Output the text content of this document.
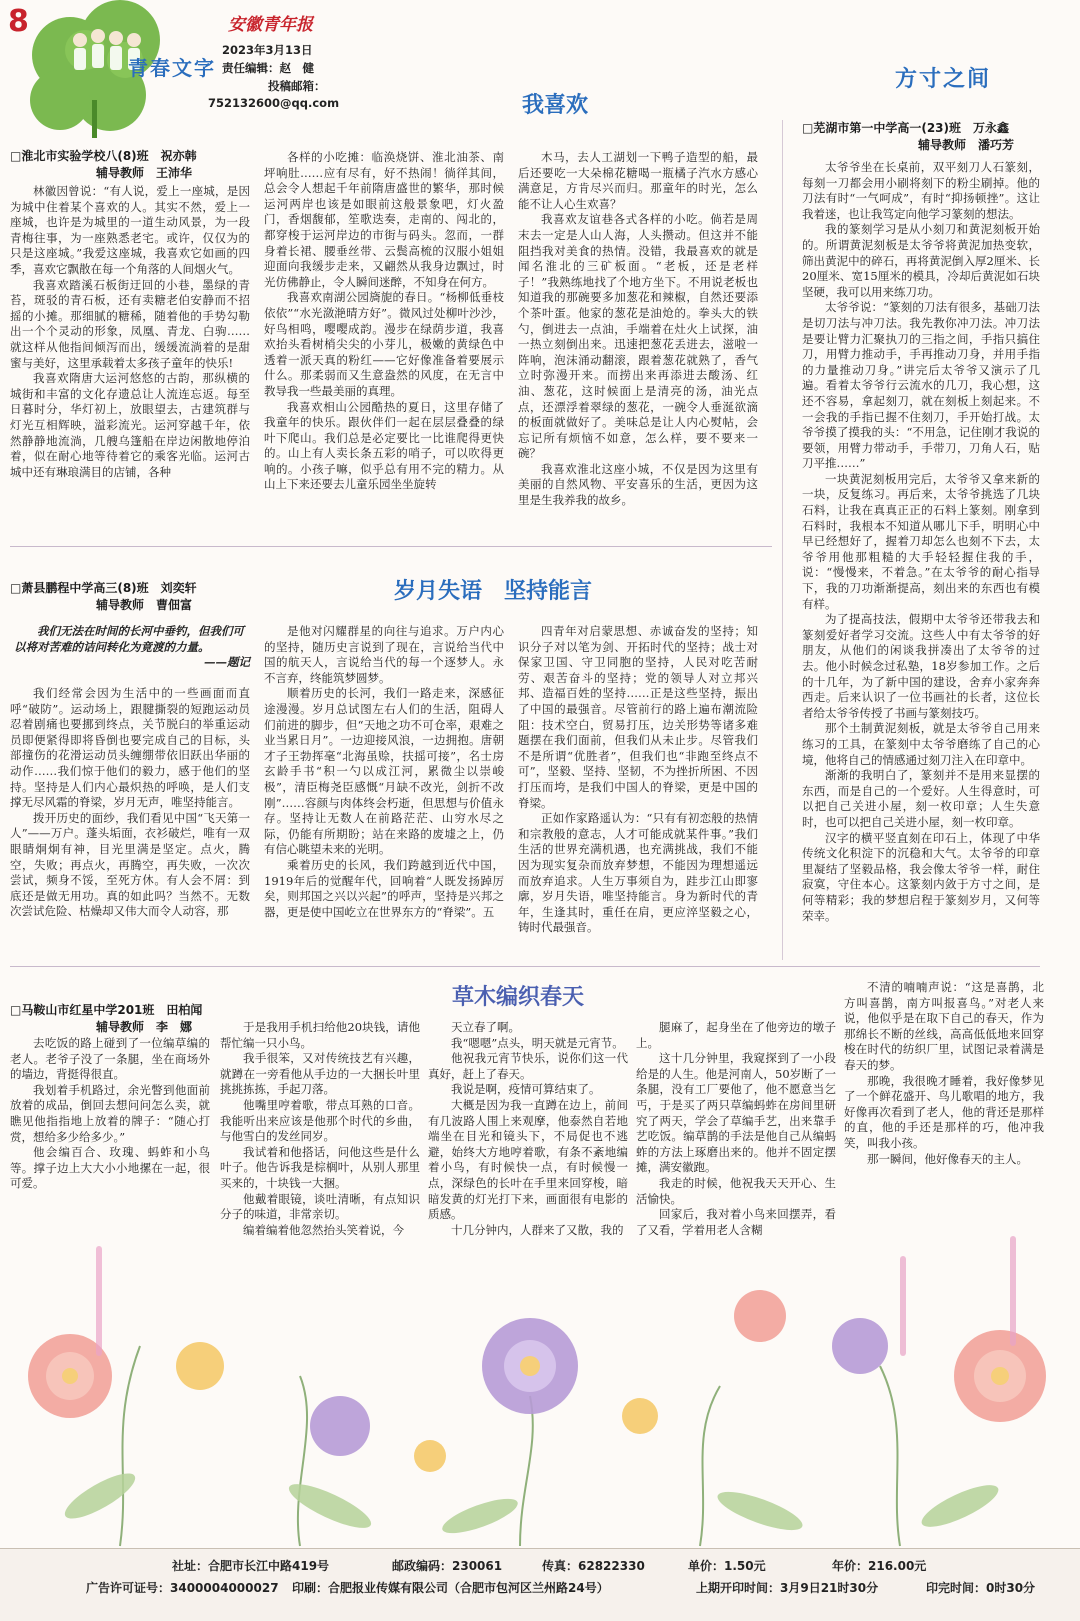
8
青春文字
安徽青年报
2023年3月13日
责任编辑：赵　健
投稿邮箱：
752132600@qq.com
方寸之间
我喜欢
□淮北市实验学校八(8)班　祝亦韩
辅导教师　王沛华

林徽因曾说：“有人说，爱上一座城，是因为城中住着某个喜欢的人。其实不然，爱上一座城，也许是为城里的一道生动风景，为一段青梅往事，为一座熟悉老宅。或许，仅仅为的只是这座城。”我爱这座城，我喜欢它如画的四季，喜欢它飘散在每一个角落的人间烟火气。

我喜欢踏溪石板街迂回的小巷，墨绿的青苔，斑驳的青石板，还有卖糖老伯安静而不招摇的小摊。那细腻的糖稀，随着他的手势勾勒出一个个灵动的形象，凤凰、青龙、白驹……就这样从他指间倾泻而出，缓缓流淌着的是甜蜜与美好，这里承载着太多孩子童年的快乐!

我喜欢隋唐大运河悠悠的古韵，那纵横的城街和丰富的文化存遗总让人流连忘返。每至日暮时分，华灯初上，放眼望去，古建筑群与灯光互相辉映，溢彩流光。运河穿越千年，依然静静地流淌，几艘乌篷船在岸边闲散地停泊着，似在耐心地等待着它的乘客光临。运河古城中还有琳琅满目的店铺，各种

各样的小吃摊：临涣烧饼、淮北油茶、南坪响肚……应有尽有，好不热闹！徜徉其间，总会令人想起千年前隋唐盛世的繁华，那时候运河两岸也该是如眼前这般景象吧，灯火盈门，香烟馥郁，笙歌迭奏，走南的、闯北的，都穿梭于运河岸边的市街与码头。忽而，一群身着长裙、腰垂丝带、云鬓高梳的汉服小姐姐迎面向我缓步走来，又翩然从我身边飘过，时光仿佛静止，令人瞬间迷醉，不知身在何方。

我喜欢南湖公园旖旎的春日。“杨柳低垂枝依依”“水光潋滟晴方好”。微风过处柳叶沙沙，好鸟相鸣，嘤嘤成韵。漫步在绿荫步道，我喜欢抬头看树梢尖尖的小芽儿，极嫩的黄绿色中透着一派天真的粉红——它好像准备着要展示什么。那柔弱而又生意盎然的风度，在无言中教导我一些最美丽的真理。

我喜欢相山公园酷热的夏日，这里存储了我童年的快乐。跟伙伴们一起在层层叠叠的绿叶下爬山。我们总是必定要比一比谁爬得更快的。山上有人卖长条五彩的哨子，可以吹得更响的。小孩子嘛，似乎总有用不完的精力。从山上下来还要去儿童乐园坐坐旋转

木马，去人工湖划一下鸭子造型的船，最后还要吃一大朵棉花糖喝一瓶橘子汽水方感心满意足，方肯尽兴而归。那童年的时光，怎么能不让人心生欢喜？

我喜欢友谊巷各式各样的小吃。倘若是周末去一定是人山人海，人头攒动。但这并不能阻挡我对美食的热情。没错，我最喜欢的就是闻名淮北的三矿板面。“老板，还是老样子！”我熟练地找了个地方坐下。不用说老板也知道我的那碗要多加葱花和辣椒，自然还要添个茶叶蛋。他家的葱花是油炝的。拳头大的铁勺，倒进去一点油，手端着在灶火上试探，油一热立刻倒出来。迅速把葱花丢进去，滋啦一阵响，泡沫涌动翻滚，跟着葱花就熟了，香气立时弥漫开来。而捞出来再添进去酸汤、红油、葱花，这时候面上是清亮的汤，油光点点，还漂浮着翠绿的葱花，一碗令人垂涎欲滴的板面就做好了。美味总是让人内心熨帖，会忘记所有烦恼不如意，怎么样，要不要来一碗？

我喜欢淮北这座小城，不仅是因为这里有美丽的自然风物、平安喜乐的生活，更因为这里是生我养我的故乡。

□芜湖市第一中学高一(23)班　万永鑫
辅导教师　潘巧芳

太爷爷坐在长桌前，双平刻刀人石篆刻，每刻一刀都会用小刷将刻下的粉尘刷掉。他的刀法有时“一气呵成”，有时“抑扬顿挫”。这让我着迷，也让我笃定向他学习篆刻的想法。

我的篆刻学习是从小刻刀和黄泥刻板开始的。所谓黄泥刻板是太爷爷将黄泥加热变软，筛出黄泥中的碎石，再将黄泥倒入厚2厘米、长20厘米、宽15厘米的模具，冷却后黄泥如石块坚硬，我可以用来练刀功。

太爷爷说：“篆刻的刀法有很多，基础刀法是切刀法与冲刀法。我先教你冲刀法。冲刀法是要让臂力汇聚执刀的三指之间，手指只搞住刀，用臂力推动手，手再推动刀身，并用手指的力量推动刀身。”讲完后太爷爷又演示了几遍。看着太爷爷行云流水的几刀，我心想，这还不容易，拿起刻刀，就在刻板上刻起来。不一会我的手指已握不住刻刀，手开始打战。太爷爷摸了摸我的头：“不用急，记住刚才我说的要领，用臂力带动手，手带刀，刀角人石，贴刀平推……”

一块黄泥刻板用完后，太爷爷又拿来新的一块，反复练习。再后来，太爷爷挑选了几块石料，让我在真真正正的石料上篆刻。刚拿到石料时，我根本不知道从哪儿下手，明明心中早已经想好了，握着刀却怎么也刻不下去，太爷爷用他那粗糙的大手轻轻握住我的手，说：“慢慢来，不着急。”在太爷爷的耐心指导下，我的刀功渐渐提高，刻出来的东西也有模有样。

为了提高技法，假期中太爷爷还带我去和篆刻爱好者学习交流。这些人中有太爷爷的好朋友，从他们的闲谈我拼凑出了太爷爷的过去。他小时候念过私塾，18岁参加工作。之后的十几年，为了新中国的建设，舍弃小家奔奔西走。后来认识了一位书画社的长者，这位长者给太爷爷传授了书画与篆刻技巧。

那个土制黄泥刻板，就是太爷爷自己用来练习的工具，在篆刻中太爷爷磨练了自己的心境，他将自己的情感通过刻刀注入在印章中。

渐渐的我明白了，篆刻并不是用来显摆的东西，而是自己的一个爱好。人生得意时，可以把自己关进小屋，刻一枚印章；人生失意时，也可以把自己关进小屋，刻一枚印章。

汉字的横平竖直刻在印石上，体现了中华传统文化积淀下的沉稳和大气。太爷爷的印章里凝结了坚毅品格，我会像太爷爷一样，耐住寂寞，守住本心。这篆刻内敛于方寸之间，是何等精彩；我的梦想启程于篆刻岁月，又何等荣幸。

岁月失语　坚持能言
□萧县鹏程中学高三(8)班　刘奕轩
辅导教师　曹佃富
我们无法在时间的长河中垂钓，但我们可以将对苦难的诘问转化为竟渡的力量。
——题记

我们经常会因为生活中的一些画面而直呼“破防”。运动场上，跟腱撕裂的短跑运动员忍着剧痛也要挪到终点，关节脱臼的举重运动员即便紧得即将昏倒也要完成自己的目标，头部撞伤的花滑运动员头缠绷带依旧跃出华丽的动作……我们惊于他们的毅力，感于他们的坚持。坚持是人们内心最炽热的呼唤，是人们支撑无尽风霜的脊梁，岁月无声，唯坚持能言。

拨开历史的面纱，我们看见中国“飞天第一人”——万户。蓬头垢面，衣衫破烂，唯有一双眼睛炯炯有神，目光里满是坚定。点火，腾空，失败；再点火，再腾空，再失败，一次次尝试，频身不馁，至死方休。有人会不屑：到底还是做无用功。真的如此吗？当然不。无数次尝试危险、枯燥却又伟大而令人动容，那

是他对闪耀群星的向往与追求。万户内心的坚持，随历史言说到了现在，言说给当代中国的航天人，言说给当代的每一个逐梦人。永不言弃，终能筑梦圆梦。

顺着历史的长河，我们一路走来，深感征途漫漫。岁月总试图左右人们的生活，阻碍人们前进的脚步，但“天地之功不可仓率，艰难之业当累日月”。一边迎接风浪，一边拥抱。唐朝才子王勃挥毫“北海虽赊，扶摇可接”，名士房玄龄手书“积一勺以成江河，累微尘以崇峻极”，清臣梅尧臣感慨“月缺不改光，剑折不改刚”……容颜与肉体终会朽逝，但思想与价值永存。坚持让无数人在前路茫茫、山穷水尽之际，仍能有所期盼；站在来路的废墟之上，仍有信心眺望未来的光明。

乘着历史的长风，我们跨越到近代中国，1919年后的觉醒年代，回响着“人既发扬踔厉矣，则邦国之兴以兴起”的呼声，坚持是兴邦之器，更是使中国屹立在世界东方的“脊梁”。五

四青年对启蒙思想、赤诚奋发的坚持；知识分子对以笔为剑、开拓时代的坚持；战士对保家卫国、守卫同胞的坚持，人民对吃苦耐劳、艰苦奋斗的坚持；党的领导人对立邦兴邦、造福百姓的坚持……正是这些坚持，振出了中国的最强音。尽管前行的路上遍布潮流险阻：技术空白，贸易打压，边关形势等诸多难题摆在我们面前，但我们从未止步。尽管我们不是所谓“优胜者”，但我们也“非跑至终点不可”，坚毅、坚持、坚韧，不为挫折所困、不因打压而垮，是我们中国人的脊梁，更是中国的脊梁。

正如作家路遥认为：“只有有初恋般的热情和宗教般的意志，人才可能成就某件事。”我们生活的世界充满机遇，也充满挑战，我们不能因为现实复杂而放弃梦想，不能因为理想遥远而放弃追求。人生万事须自为，跬步江山即寥廓，岁月失语，唯坚持能言。身为新时代的青年，生逢其时，重任在肩，更应淬坚毅之心，铸时代最强音。

草木编织春天
□马鞍山市红星中学201班　田柏闻
辅导教师　李　娜

去吃饭的路上碰到了一位编草编的老人。老爷子没了一条腿，坐在商场外的墙边，背挺得很直。

我划着手机路过，余光瞥到他面前放着的成品，倒回去想问问怎么卖，就瞧见他指指地上放着的牌子：“随心打赏，想给多少给多少。”

他会编百合、玫瑰、蚂蚱和小鸟等。撑子边上大大小小地摞在一起，很可爱。

于是我用手机扫给他20块钱，请他帮忙编一只小鸟。

我手很笨，又对传统技艺有兴趣，就蹲在一旁看他从手边的一大捆长叶里挑挑拣拣，手起刀落。

他嘴里哼着歌，带点耳熟的口音。我能听出来应该是他那个时代的乡曲，与他雪白的发丝同岁。

我试着和他搭话，问他这些是什么叶子。他告诉我是棕榈叶，从别人那里买来的，十块钱一大捆。

他戴着眼镜，谈吐清晰，有点知识分子的味道，非常亲切。

编着编着他忽然抬头笑着说，今

天立春了啊。

我“嗯嗯”点头，明天就是元宵节。

他祝我元宵节快乐，说你们这一代真好，赶上了春天。

我说是啊，疫情可算结束了。

大概是因为我一直蹲在边上，前间有几波路人围上来观摩，他泰然自若地端坐在目光和镜头下，不局促也不逃避，始终大方地哼着歌，有条不紊地编着小鸟，有时候快一点，有时候慢一点，深绿色的长叶在手里来回穿梭，暗暗发黄的灯光打下来，画面很有电影的质感。

十几分钟内，人群来了又散，我的

腿麻了，起身坐在了他旁边的墩子上。

这十几分钟里，我窥探到了一小段给是的人生。他是河南人，50岁断了一条腿，没有工厂要他了，他不愿意当乞丐，于是买了两只草编蚂蚱在房间里研究了两天，学会了草编手艺，出来靠手艺吃饭。编草鹊的手法是他自己从编蚂蚱的方法上琢磨出来的。他并不固定摆摊，满安徽跑。

我走的时候，他祝我天天开心、生活愉快。

回家后，我对着小鸟来回摆弄，看了又看，学着用老人含糊

不清的喃喃声说：“这是喜鹊，北方叫喜鹊，南方叫报喜鸟。”对老人来说，他似乎是在取下自己的春天，作为那绵长不断的丝线，高高低低地来回穿梭在时代的纺织厂里，试图记录着满是春天的梦。

那晚，我很晚才睡着，我好像梦见了一个鲜花盛开、鸟儿歌唱的地方，我好像再次看到了老人，他的背还是那样的直，他的手还是那样的巧，他冲我笑，叫我小孩。

那一瞬间，他好像春天的主人。

社址：合肥市长江中路419号	邮政编码：230061	传真：62822330	单价：1.50元	年价：216.00元
广告许可证号：3400004000027 印刷：合肥报业传媒有限公司（合肥市包河区兰州路24号）	上期开印时间：3月9日21时30分	印完时间：0时30分
